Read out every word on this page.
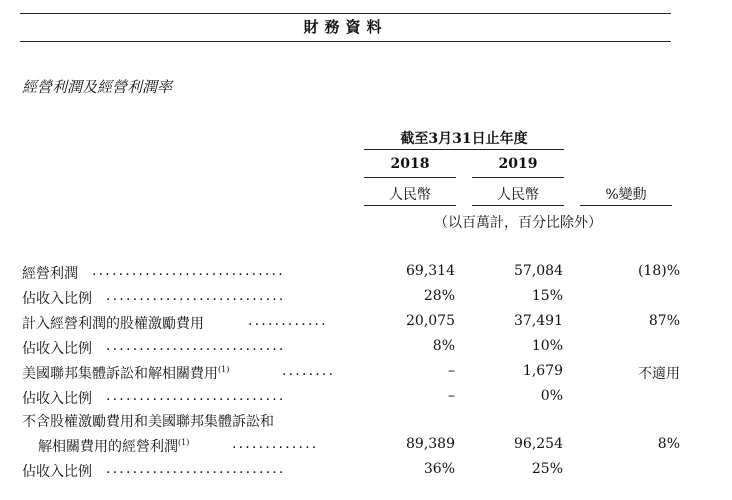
財務資料
經營利潤及經營利潤率
截至3月31日止年度
2018	2019
人民幣	人民幣	%變動
（以百萬計，百分比除外）
經營利潤 .............................	69,314	57,084	(18)%
佔收入比例 ...........................	28%	15%
計入經營利潤的股權激勵費用	............	20,075	37,491	87%
佔收入比例 ...........................	8%	10%
美國聯邦集體訴訟和解相關費用$^{(1)}$	........	–	1,679	不適用
佔收入比例 ...........................	–	0%
不含股權激勵費用和美國聯邦集體訴訟和
解相關費用的經營利潤$^{(1)}$	.............	89,389	96,254	8%
佔收入比例 ...........................	36%	25%
